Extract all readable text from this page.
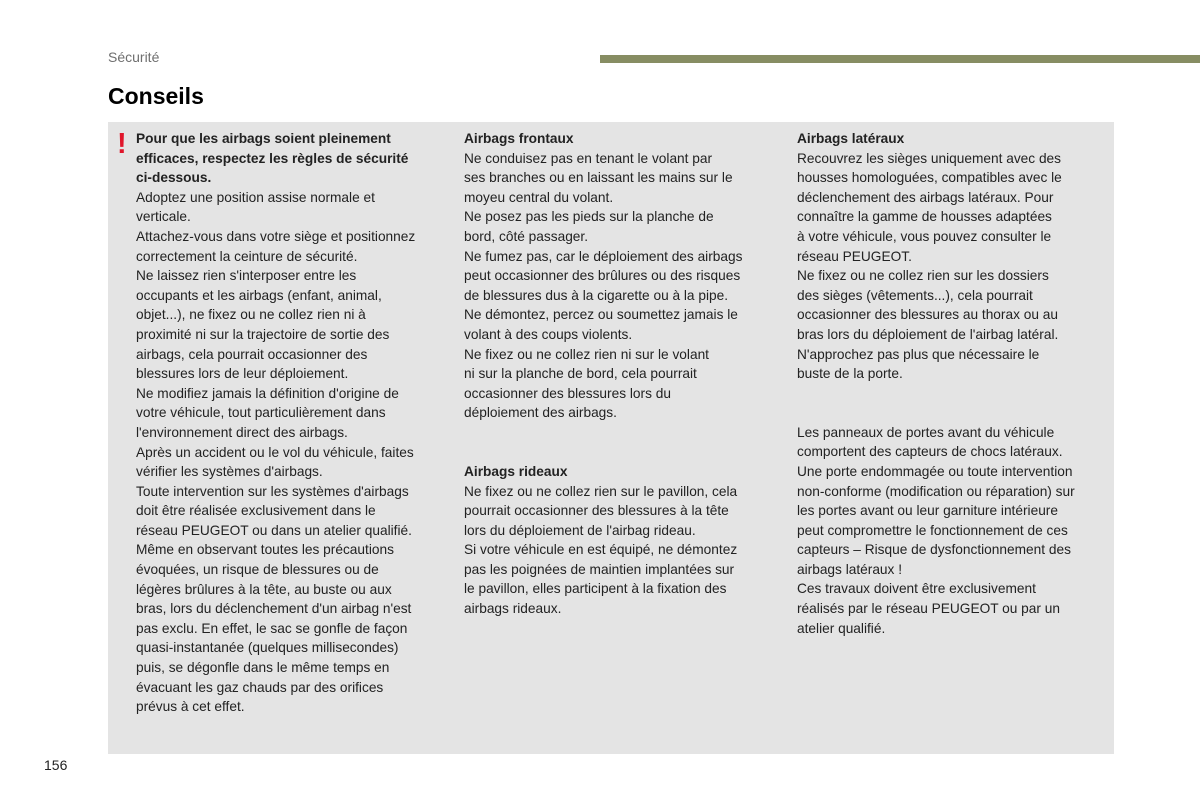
Sécurité
Conseils
! Pour que les airbags soient pleinement

efficaces, respectez les règles de sécurité

ci-dessous.

Adoptez une position assise normale et

verticale.

Attachez-vous dans votre siège et positionnez

correctement la ceinture de sécurité.

Ne laissez rien s'interposer entre les

occupants et les airbags (enfant, animal,

objet...), ne fixez ou ne collez rien ni à

proximité ni sur la trajectoire de sortie des

airbags, cela pourrait occasionner des

blessures lors de leur déploiement.

Ne modifiez jamais la définition d'origine de

votre véhicule, tout particulièrement dans

l'environnement direct des airbags.

Après un accident ou le vol du véhicule, faites

vérifier les systèmes d'airbags.

Toute intervention sur les systèmes d'airbags

doit être réalisée exclusivement dans le

réseau PEUGEOT ou dans un atelier qualifié.

Même en observant toutes les précautions

évoquées, un risque de blessures ou de

légères brûlures à la tête, au buste ou aux

bras, lors du déclenchement d'un airbag n'est

pas exclu. En effet, le sac se gonfle de façon

quasi-instantanée (quelques millisecondes)

puis, se dégonfle dans le même temps en

évacuant les gaz chauds par des orifices

prévus à cet effet.

Airbags frontaux

Ne conduisez pas en tenant le volant par

ses branches ou en laissant les mains sur le

moyeu central du volant.

Ne posez pas les pieds sur la planche de

bord, côté passager.

Ne fumez pas, car le déploiement des airbags

peut occasionner des brûlures ou des risques

de blessures dus à la cigarette ou à la pipe.

Ne démontez, percez ou soumettez jamais le

volant à des coups violents.

Ne fixez ou ne collez rien ni sur le volant

ni sur la planche de bord, cela pourrait

occasionner des blessures lors du

déploiement des airbags.

Airbags rideaux

Ne fixez ou ne collez rien sur le pavillon, cela

pourrait occasionner des blessures à la tête

lors du déploiement de l'airbag rideau.

Si votre véhicule en est équipé, ne démontez

pas les poignées de maintien implantées sur

le pavillon, elles participent à la fixation des

airbags rideaux.

Airbags latéraux

Recouvrez les sièges uniquement avec des

housses homologuées, compatibles avec le

déclenchement des airbags latéraux. Pour

connaître la gamme de housses adaptées

à votre véhicule, vous pouvez consulter le

réseau PEUGEOT.

Ne fixez ou ne collez rien sur les dossiers

des sièges (vêtements...), cela pourrait

occasionner des blessures au thorax ou au

bras lors du déploiement de l'airbag latéral.

N'approchez pas plus que nécessaire le

buste de la porte.

Les panneaux de portes avant du véhicule

comportent des capteurs de chocs latéraux.

Une porte endommagée ou toute intervention

non-conforme (modification ou réparation) sur

les portes avant ou leur garniture intérieure

peut compromettre le fonctionnement de ces

capteurs – Risque de dysfonctionnement des

airbags latéraux !

Ces travaux doivent être exclusivement

réalisés par le réseau PEUGEOT ou par un

atelier qualifié.

156
